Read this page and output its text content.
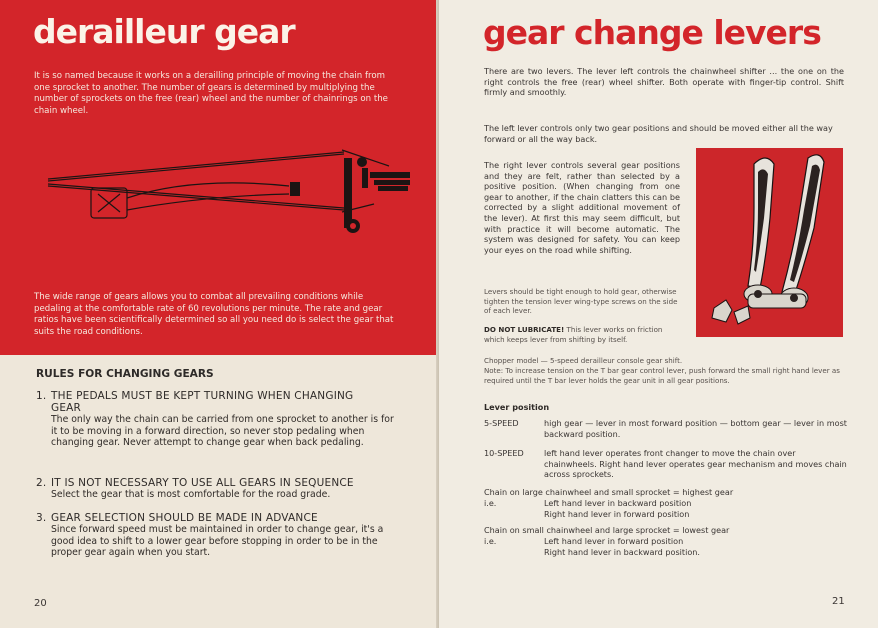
derailleur gear
It is so named because it works on a derailling principle of moving the chain from one sprocket to another. The number of gears is determined by multiplying the number of sprockets on the free (rear) wheel and the number of chainrings on the chain wheel.
The wide range of gears allows you to combat all prevailing conditions while pedaling at the comfortable rate of 60 revolutions per minute. The rate and gear ratios have been scientifically determined so all you need do is select the gear that suits the road conditions.
RULES FOR CHANGING GEARS
1. THE PEDALS MUST BE KEPT TURNING WHEN CHANGING
GEAR
The only way the chain can be carried from one sprocket to another is for it to be moving in a forward direction, so never stop pedaling when changing gear. Never attempt to change gear when back pedaling.
2. IT IS NOT NECESSARY TO USE ALL GEARS IN SEQUENCE
Select the gear that is most comfortable for the road grade.
3. GEAR SELECTION SHOULD BE MADE IN ADVANCE
Since forward speed must be maintained in order to change gear, it's a good idea to shift to a lower gear before stopping in order to be in the proper gear again when you start.
20
gear change levers
There are two levers. The lever left controls the chainwheel shifter ... the one on the right controls the free (rear) wheel shifter. Both operate with finger-tip control. Shift firmly and smoothly.
The left lever controls only two gear positions and should be moved either all the way forward or all the way back.
The right lever controls several gear positions and they are felt, rather than selected by a positive position. (When changing from one gear to another, if the chain clatters this can be corrected by a slight additional movement of the lever). At first this may seem difficult, but with practice it will become automatic. The system was designed for safety. You can keep your eyes on the road while shifting.
Levers should be tight enough to hold gear, otherwise tighten the tension lever wing-type screws on the side of each lever.
DO NOT LUBRICATE! This lever works on friction which keeps lever from shifting by itself.
Chopper model — 5-speed derailleur console gear shift.
Note: To increase tension on the T bar gear control lever, push forward the small right hand lever as required until the T bar lever holds the gear unit in all gear positions.
Lever position
5-SPEED	high gear — lever in most forward position — bottom gear — lever in most backward position.
10-SPEED	left hand lever operates front changer to move the chain over chainwheels. Right hand lever operates gear mechanism and moves chain across sprockets.
Chain on large chainwheel and small sprocket = highest gear
i.e.	Left hand lever in backward position
Right hand lever in forward position
Chain on small chainwheel and large sprocket = lowest gear
i.e.	Left hand lever in forward position
Right hand lever in backward position.
21
